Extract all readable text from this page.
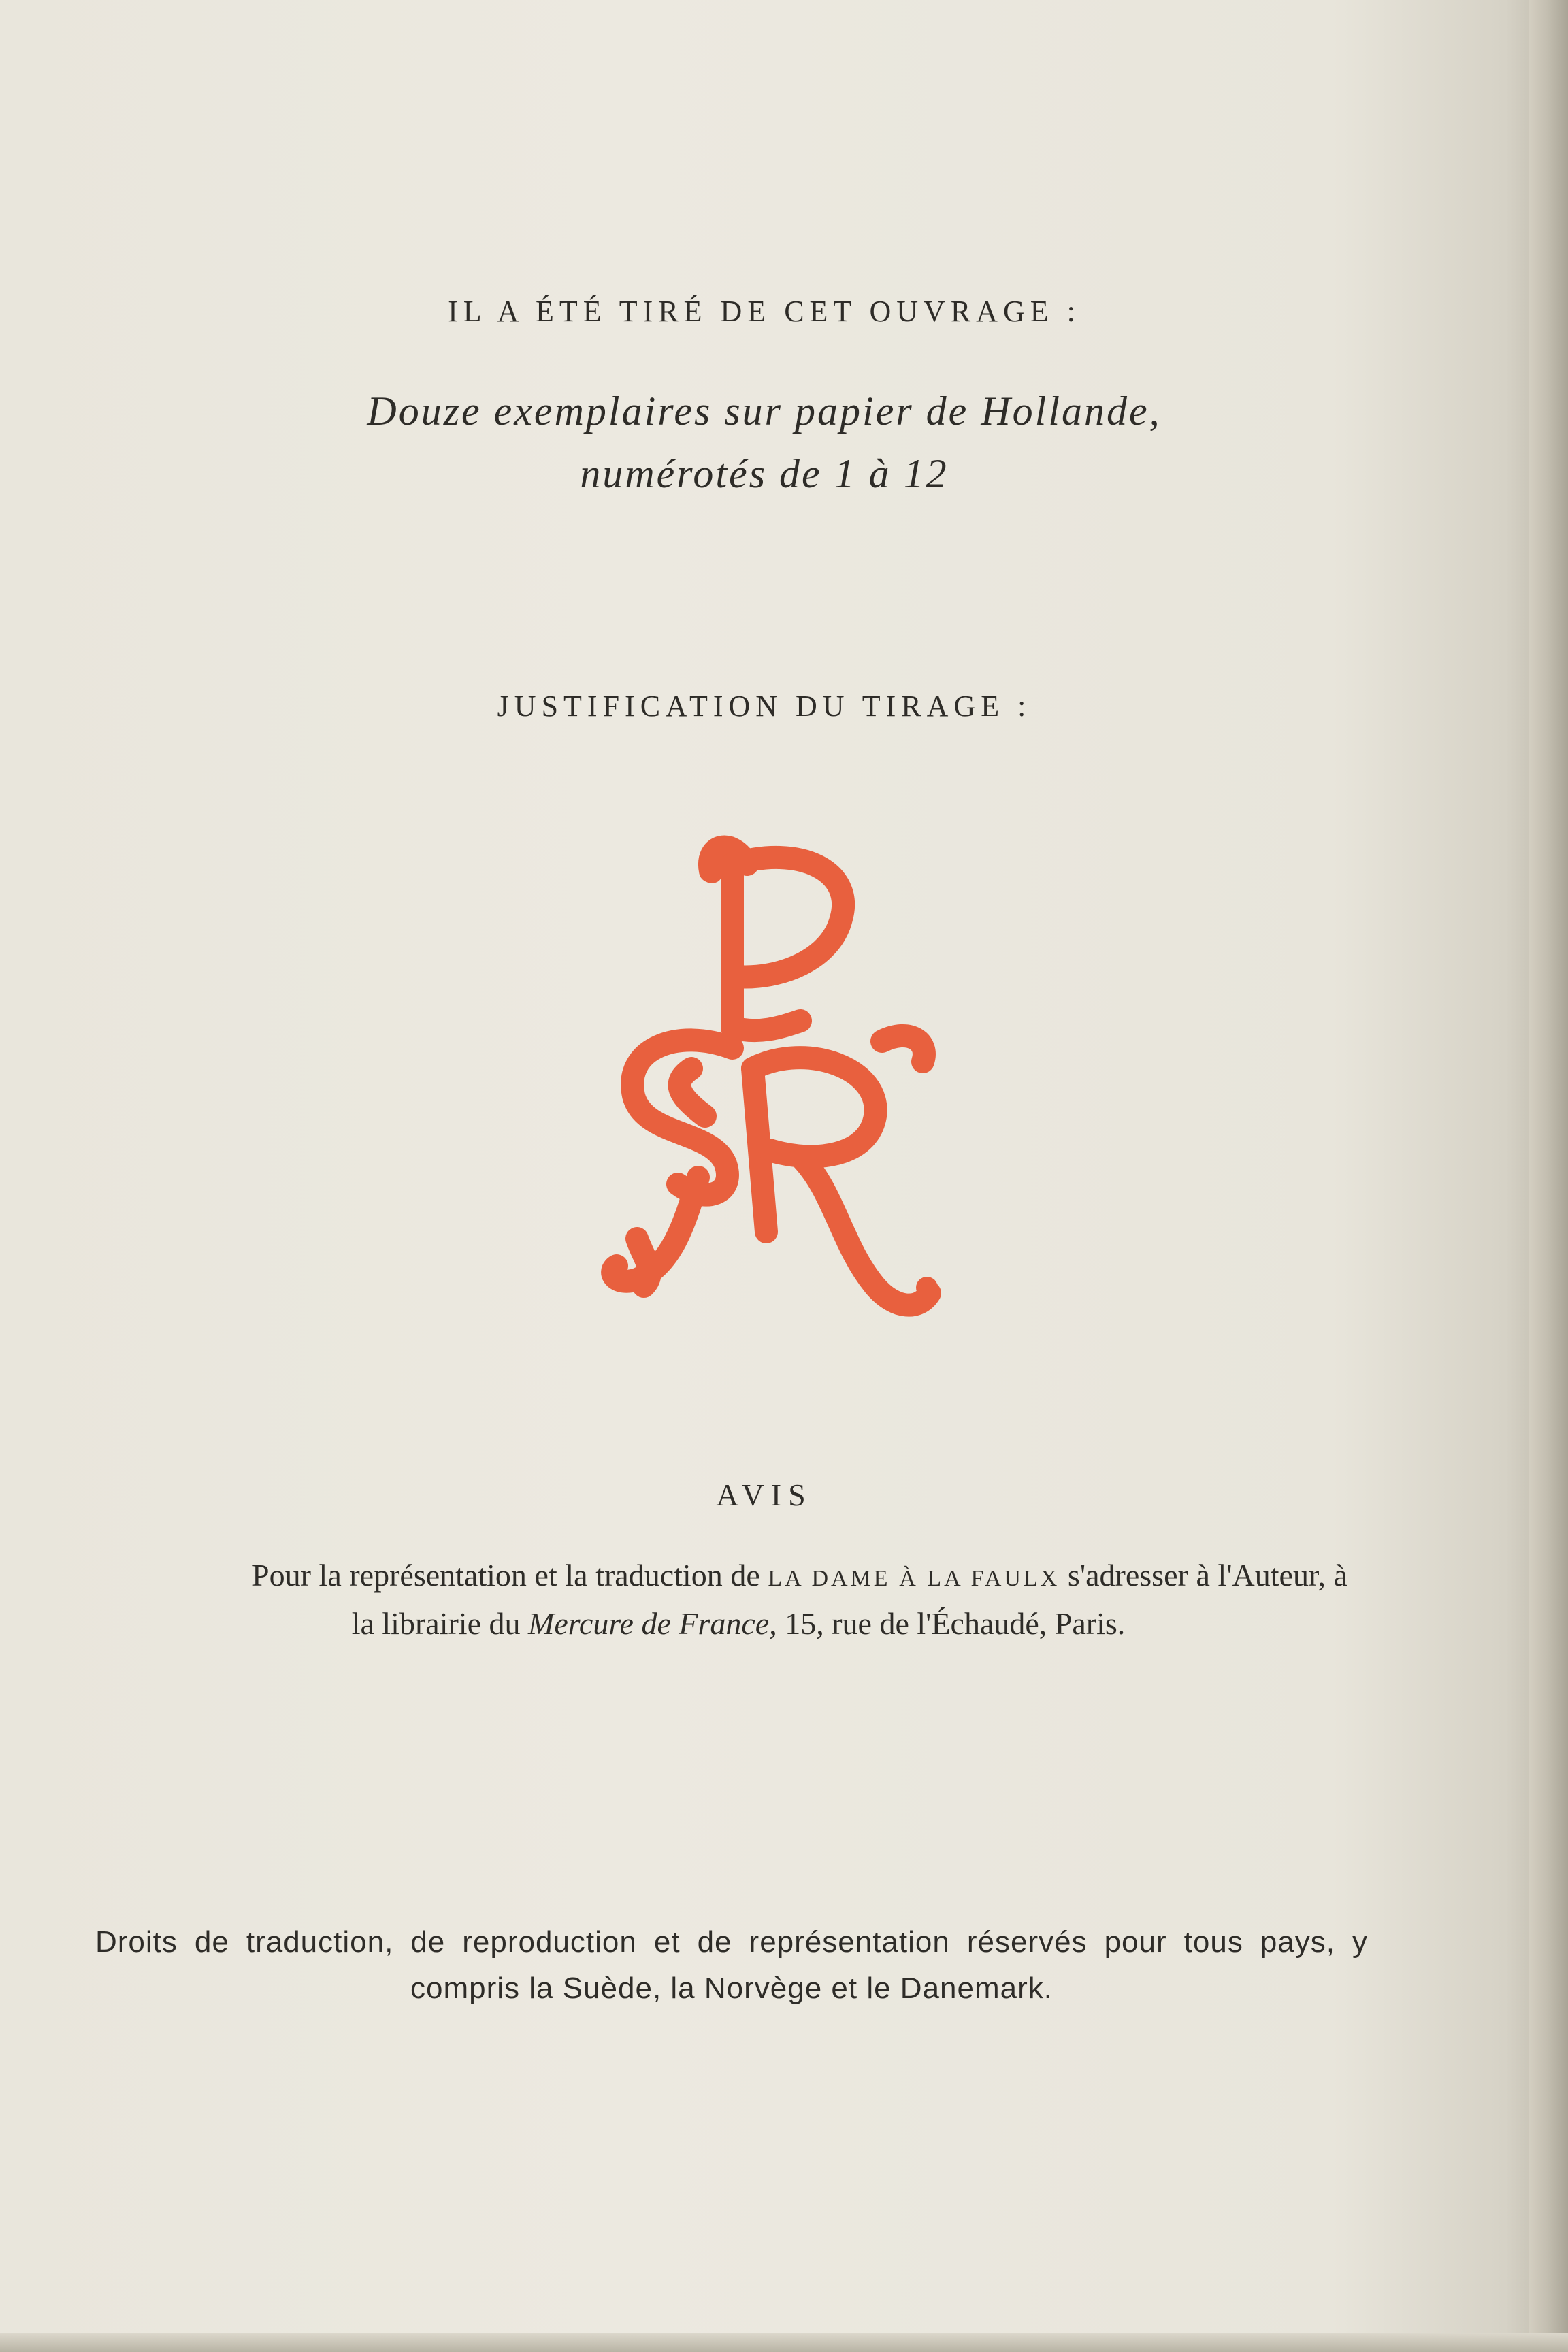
IL A ÉTÉ TIRÉ DE CET OUVRAGE :
Douze exemplaires sur papier de Hollande,
numérotés de 1 à 12
JUSTIFICATION DU TIRAGE :
AVIS

Pour la représentation et la traduction de LA DAME À LA FAULX s'adresser à l'Auteur, à la librairie du Mercure de France, 15, rue de l'Échaudé, Paris.

Droits de traduction, de reproduction et de représentation réservés pour tous pays, y compris la Suède, la Norvège et le Danemark.
